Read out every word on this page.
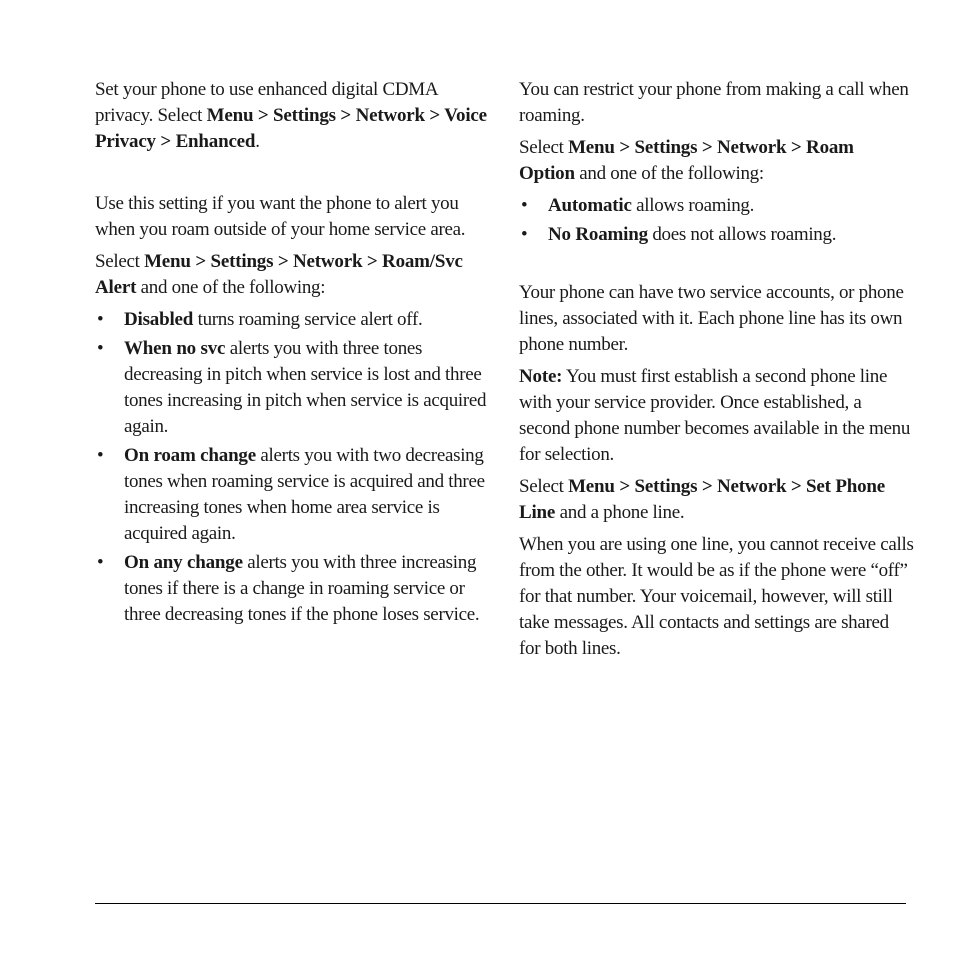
Set your phone to use enhanced digital CDMA privacy. Select Menu > Settings > Network > Voice Privacy > Enhanced.

Use this setting if you want the phone to alert you when you roam outside of your home service area.

Select Menu > Settings > Network > Roam/Svc Alert and one of the following:

• Disabled turns roaming service alert off.
• When no svc alerts you with three tones decreasing in pitch when service is lost and three tones increasing in pitch when service is acquired again.
• On roam change alerts you with two decreasing tones when roaming service is acquired and three increasing tones when home area service is acquired again.
• On any change alerts you with three increasing tones if there is a change in roaming service or three decreasing tones if the phone loses service.

You can restrict your phone from making a call when roaming.

Select Menu > Settings > Network > Roam Option and one of the following:

• Automatic allows roaming.
• No Roaming does not allows roaming.

Your phone can have two service accounts, or phone lines, associated with it. Each phone line has its own phone number.

Note: You must first establish a second phone line with your service provider. Once established, a second phone number becomes available in the menu for selection.

Select Menu > Settings > Network > Set Phone Line and a phone line.

When you are using one line, you cannot receive calls from the other. It would be as if the phone were “off” for that number. Your voicemail, however, will still take messages. All contacts and settings are shared for both lines.
